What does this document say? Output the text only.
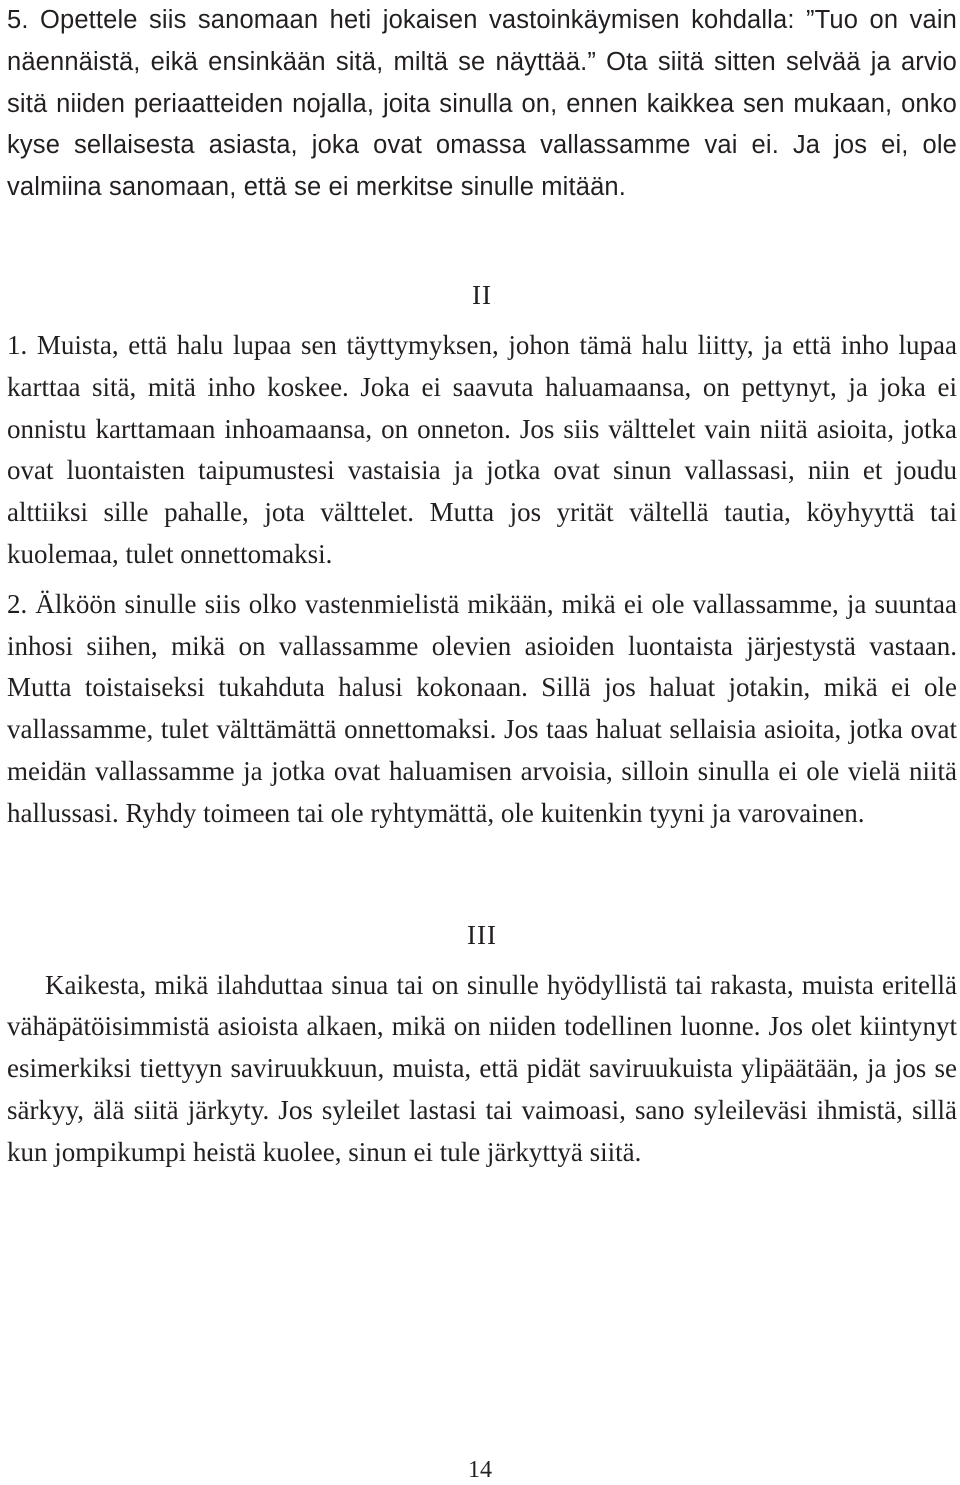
5. Opettele siis sanomaan heti jokaisen vastoinkäymisen kohdalla: ”Tuo on vain näennäistä, eikä ensinkään sitä, miltä se näyttää.” Ota siitä sitten selvää ja arvio sitä niiden periaatteiden nojalla, joita sinulla on, ennen kaikkea sen mukaan, onko kyse sellaisesta asiasta, joka ovat omassa vallassamme vai ei. Ja jos ei, ole valmiina sanomaan, että se ei merkitse sinulle mitään.

II

1. Muista, että halu lupaa sen täyttymyksen, johon tämä halu liitty, ja että inho lupaa karttaa sitä, mitä inho koskee. Joka ei saavuta haluamaansa, on pettynyt, ja joka ei onnistu karttamaan inhoamaansa, on onneton. Jos siis välttelet vain niitä asioita, jotka ovat luontaisten taipumustesi vastaisia ja jotka ovat sinun vallassasi, niin et joudu alttiiksi sille pahalle, jota välttelet. Mutta jos yrität vältellä tautia, köyhyyttä tai kuolemaa, tulet onnettomaksi.

2. Älköön sinulle siis olko vastenmielistä mikään, mikä ei ole vallassamme, ja suuntaa inhosi siihen, mikä on vallassamme olevien asioiden luontaista järjestystä vastaan. Mutta toistaiseksi tukahduta halusi kokonaan. Sillä jos haluat jotakin, mikä ei ole vallassamme, tulet välttämättä onnettomaksi. Jos taas haluat sellaisia asioita, jotka ovat meidän vallassamme ja jotka ovat haluamisen arvoisia, silloin sinulla ei ole vielä niitä hallussasi. Ryhdy toimeen tai ole ryhtymättä, ole kuitenkin tyyni ja varovainen.

III

Kaikesta, mikä ilahduttaa sinua tai on sinulle hyödyllistä tai rakasta, muista eritellä vähäpätöisimmistä asioista alkaen, mikä on niiden todellinen luonne. Jos olet kiintynyt esimerkiksi tiettyyn saviruukkuun, muista, että pidät saviruukuista ylipäätään, ja jos se särkyy, älä siitä järkyty. Jos syleilet lastasi tai vaimoasi, sano syleileväsi ihmistä, sillä kun jompikumpi heistä kuolee, sinun ei tule järkyttyä siitä.

14
